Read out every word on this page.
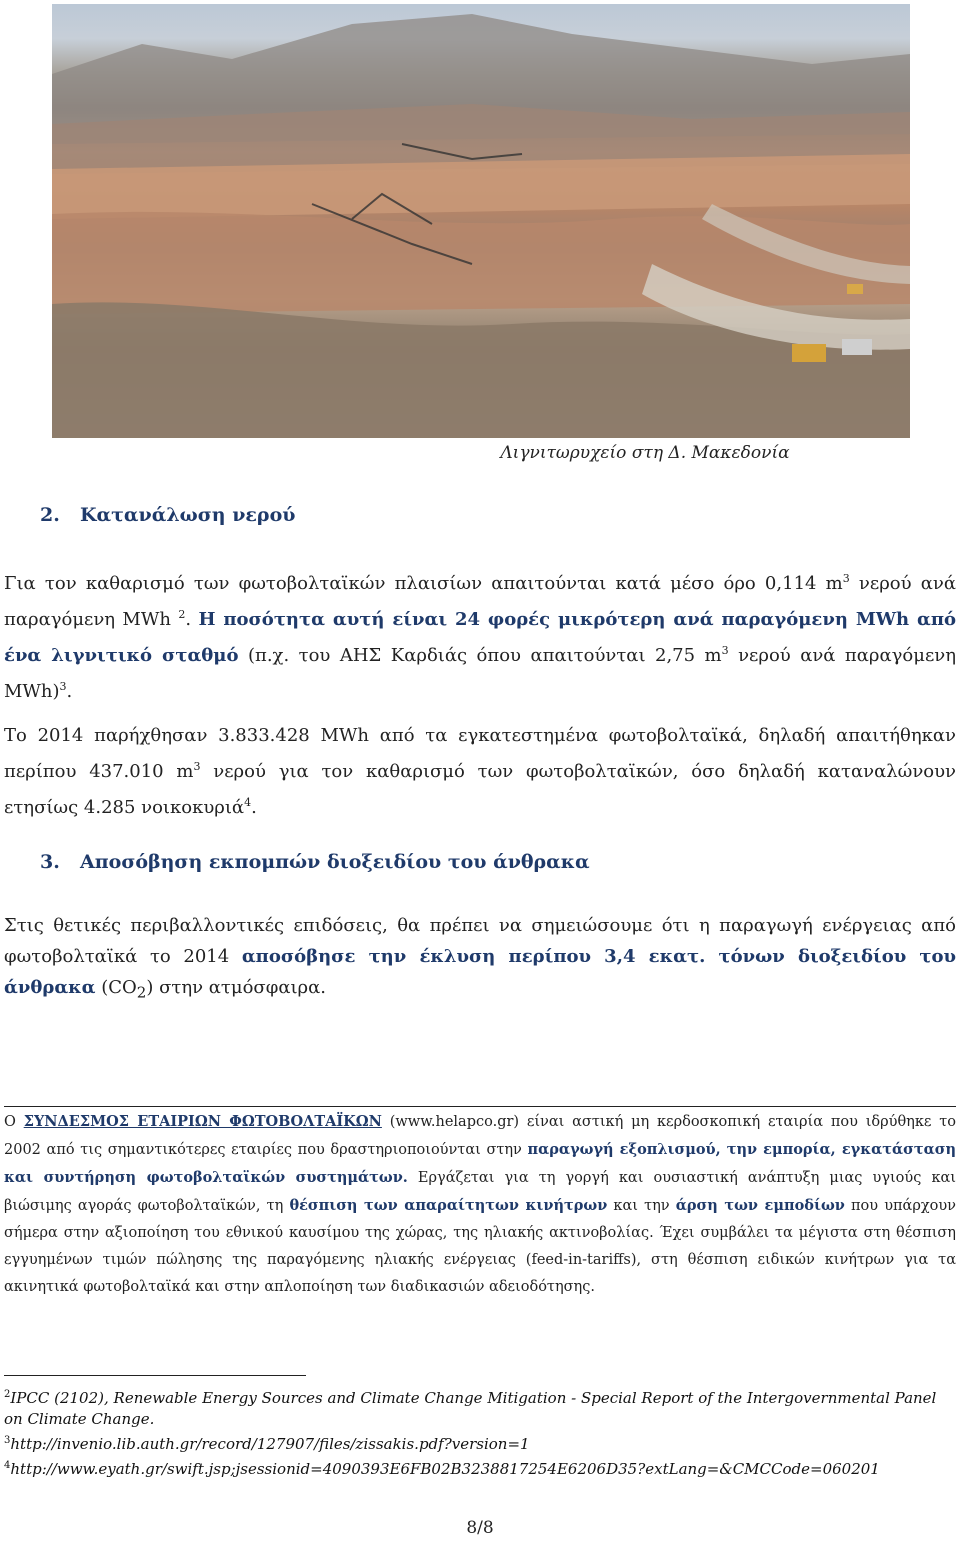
Λιγνιτωρυχείο στη Δ. Μακεδονία
2. Κατανάλωση νερού
Για τον καθαρισμό των φωτοβολταϊκών πλαισίων απαιτούνται κατά μέσο όρο 0,114 $m^3$ νερού ανά παραγόμενη MWh $^2$. Η ποσότητα αυτή είναι 24 φορές μικρότερη ανά παραγόμενη MWh από ένα λιγνιτικό σταθμό (π.χ. του ΑΗΣ Καρδιάς όπου απαιτούνται 2,75 $m^3$ νερού ανά παραγόμενη MWh)$^3$.
Το 2014 παρήχθησαν 3.833.428 MWh από τα εγκατεστημένα φωτοβολταϊκά, δηλαδή απαιτήθηκαν περίπου 437.010 $m^3$ νερού για τον καθαρισμό των φωτοβολταϊκών, όσο δηλαδή καταναλώνουν ετησίως 4.285 νοικοκυριά$^4$.
3. Αποσόβηση εκπομπών διοξειδίου του άνθρακα
Στις θετικές περιβαλλοντικές επιδόσεις, θα πρέπει να σημειώσουμε ότι η παραγωγή ενέργειας από φωτοβολταϊκά το 2014 αποσόβησε την έκλυση περίπου 3,4 εκατ. τόνων διοξειδίου του άνθρακα $(CO_2)$ στην ατμόσφαιρα.
Ο ΣΥΝΔΕΣΜΟΣ ΕΤΑΙΡΙΩΝ ΦΩΤΟΒΟΛΤΑΪΚΩΝ (www.helapco.gr) είναι αστική μη κερδοσκοπική εταιρία που ιδρύθηκε το 2002 από τις σημαντικότερες εταιρίες που δραστηριοποιούνται στην παραγωγή εξοπλισμού, την εμπορία, εγκατάσταση και συντήρηση φωτοβολταϊκών συστημάτων. Εργάζεται για τη γοργή και ουσιαστική ανάπτυξη μιας υγιούς και βιώσιμης αγοράς φωτοβολταϊκών, τη θέσπιση των απαραίτητων κινήτρων και την άρση των εμποδίων που υπάρχουν σήμερα στην αξιοποίηση του εθνικού καυσίμου της χώρας, της ηλιακής ακτινοβολίας. Έχει συμβάλει τα μέγιστα στη θέσπιση εγγυημένων τιμών πώλησης της παραγόμενης ηλιακής ενέργειας (feed-in-tariffs), στη θέσπιση ειδικών κινήτρων για τα ακινητικά φωτοβολταϊκά και στην απλοποίηση των διαδικασιών αδειοδότησης.
$^2$IPCC (2102), Renewable Energy Sources and Climate Change Mitigation - Special Report of the Intergovernmental Panel on Climate Change.
$^3$http://invenio.lib.auth.gr/record/127907/files/zissakis.pdf?version=1
$^4$http://www.eyath.gr/swift.jsp;jsessionid=4090393E6FB02B3238817254E6206D35?extLang=&CMCCode=060201
8/8
